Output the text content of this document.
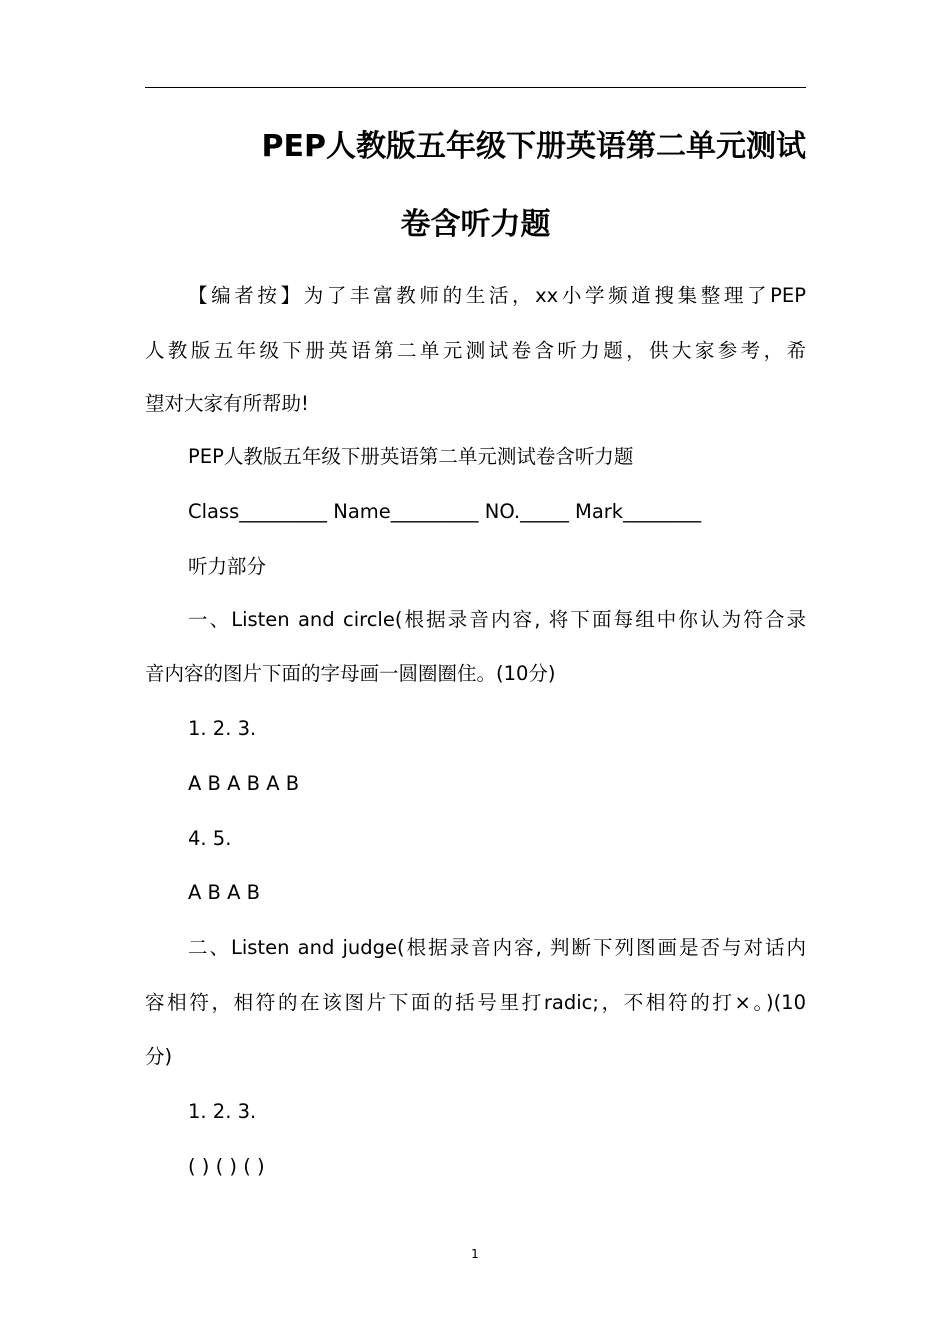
PEP人教版五年级下册英语第二单元测试
卷含听力题
【编者按】为了丰富教师的生活，xx小学频道搜集整理了PEP
人教版五年级下册英语第二单元测试卷含听力题，供大家参考，希
望对大家有所帮助!
PEP人教版五年级下册英语第二单元测试卷含听力题
Class_________ Name_________ NO._____ Mark________
听力部分
一、Listen and circle(根据录音内容, 将下面每组中你认为符合录
音内容的图片下面的字母画一圆圈圈住。(10分)
1. 2. 3.
A B A B A B
4. 5.
A B A B
二、Listen and judge(根据录音内容, 判断下列图画是否与对话内
容相符，相符的在该图片下面的括号里打radic;，不相符的打×。)(10
分)
1. 2. 3.
( ) ( ) ( )
1
